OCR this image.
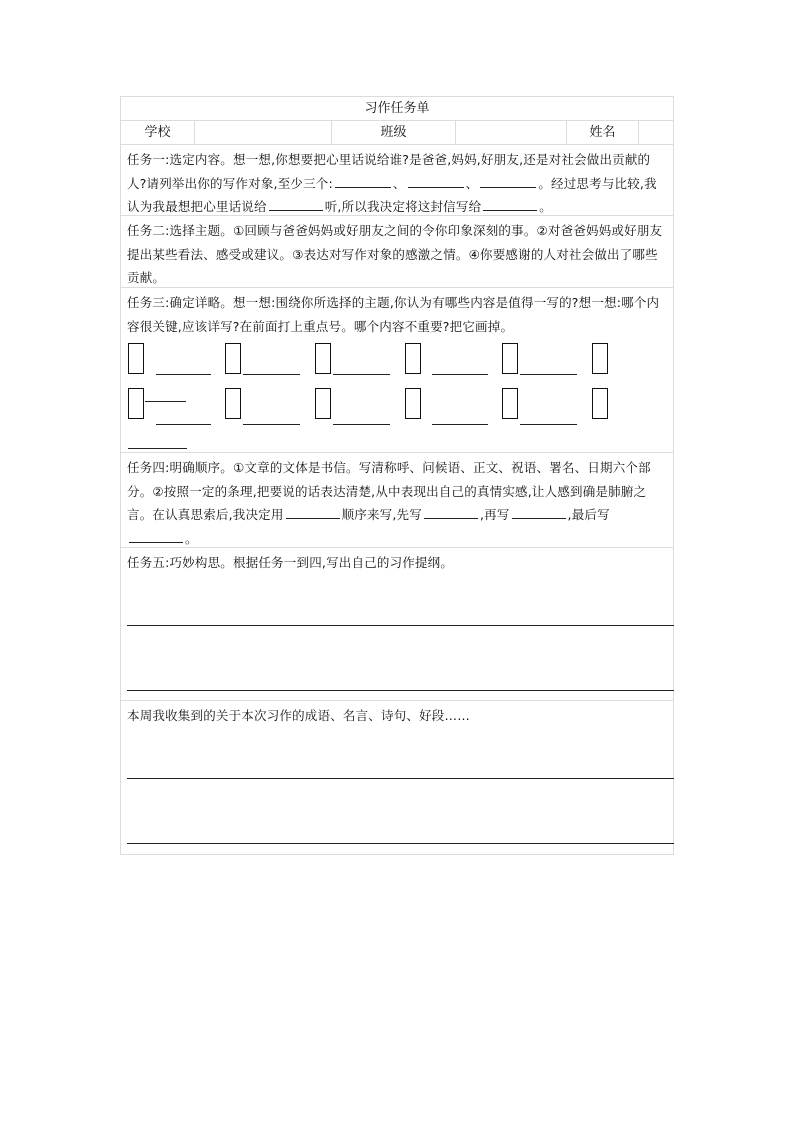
习作任务单
学校	班级	姓名
任务一:选定内容。想一想,你想要把心里话说给谁?是爸爸,妈妈,好朋友,还是对社会做出贡献的人?请列举出你的写作对象,至少三个:	、	、	。经过思考与比较,我认为我最想把心里话说给	听,所以我决定将这封信写给	。
任务二:选择主题。①回顾与爸爸妈妈或好朋友之间的令你印象深刻的事。②对爸爸妈妈或好朋友提出某些看法、感受或建议。③表达对写作对象的感激之情。④你要感谢的人对社会做出了哪些贡献。
任务三:确定详略。想一想:围绕你所选择的主题,你认为有哪些内容是值得一写的?想一想:哪个内容很关键,应该详写?在前面打上重点号。哪个内容不重要?把它画掉。
任务四:明确顺序。①文章的文体是书信。写清称呼、问候语、正文、祝语、署名、日期六个部分。②按照一定的条理,把要说的话表达清楚,从中表现出自己的真情实感,让人感到确是肺腑之言。在认真思索后,我决定用	顺序来写,先写	,再写	,最后写。
任务五:巧妙构思。根据任务一到四,写出自己的习作提纲。
本周我收集到的关于本次习作的成语、名言、诗句、好段……
